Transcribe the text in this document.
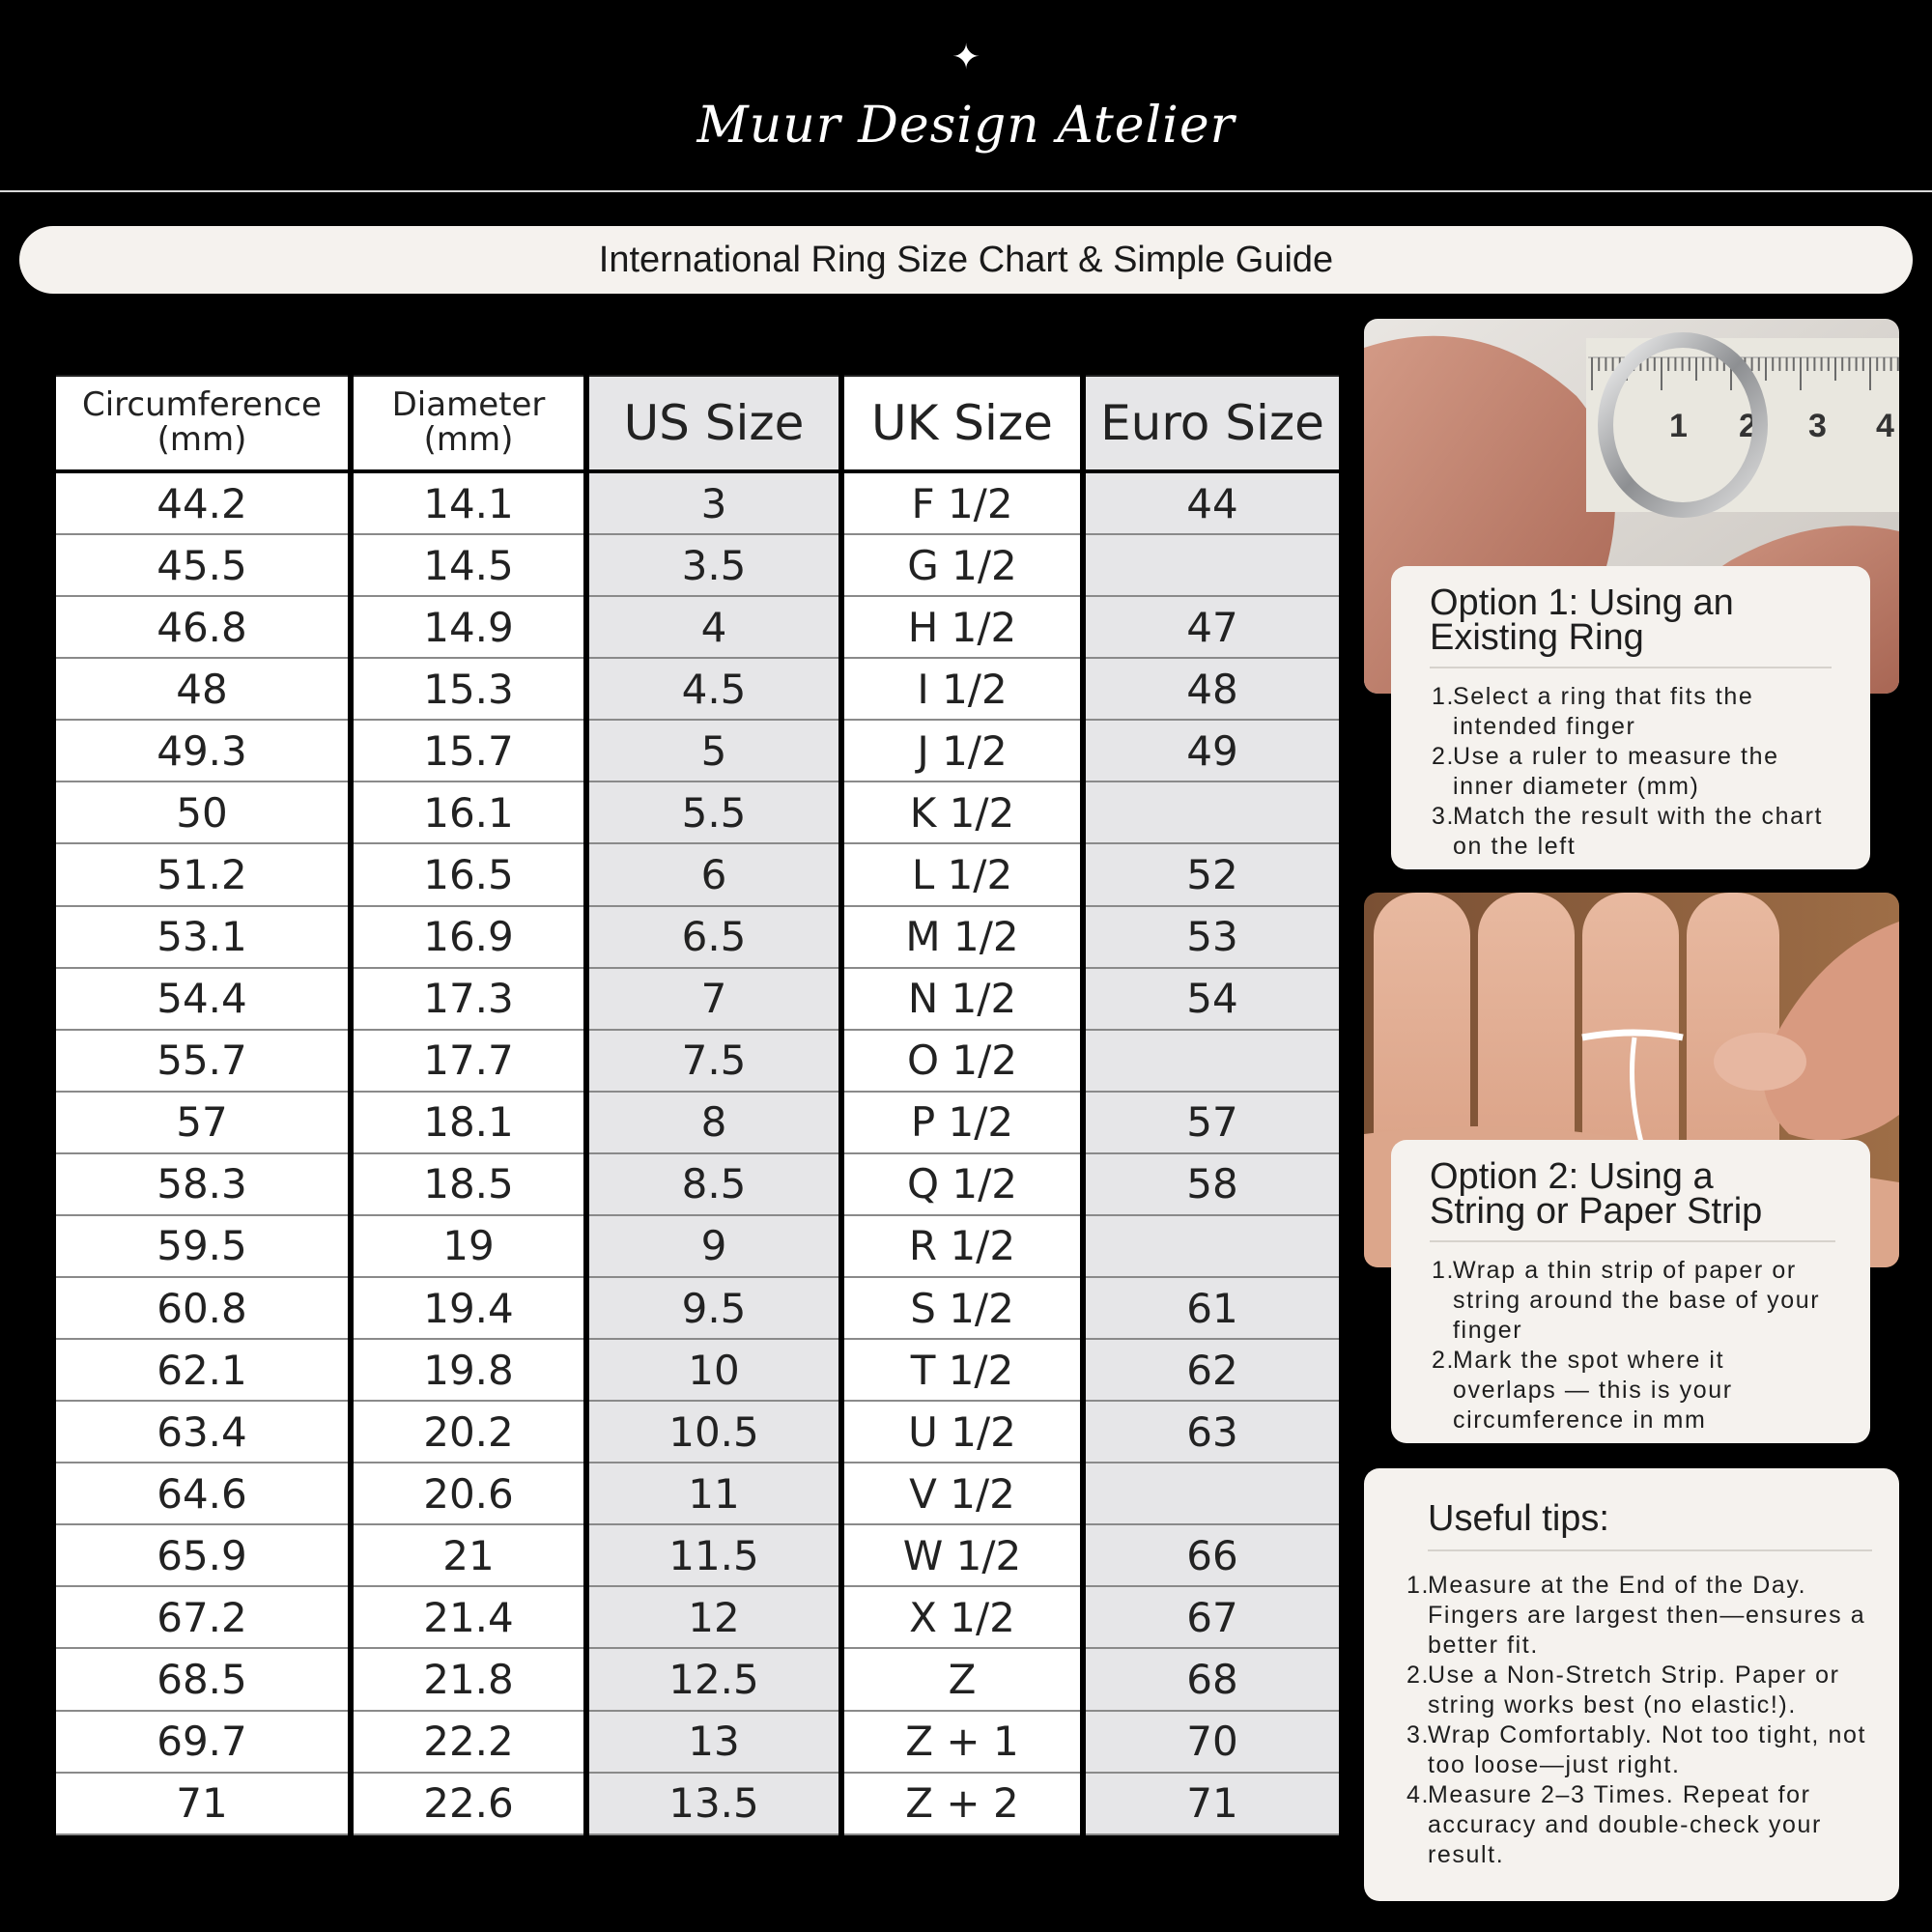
✦
Muur Design Atelier
International Ring Size Chart & Simple Guide
Circumference
(mm)	Diameter
(mm)	US Size	UK Size	Euro Size
44.2	14.1	3	F 1/2	44
45.5	14.5	3.5	G 1/2	
46.8	14.9	4	H 1/2	47
48	15.3	4.5	I 1/2	48
49.3	15.7	5	J 1/2	49
50	16.1	5.5	K 1/2	
51.2	16.5	6	L 1/2	52
53.1	16.9	6.5	M 1/2	53
54.4	17.3	7	N 1/2	54
55.7	17.7	7.5	O 1/2	
57	18.1	8	P 1/2	57
58.3	18.5	8.5	Q 1/2	58
59.5	19	9	R 1/2	
60.8	19.4	9.5	S 1/2	61
62.1	19.8	10	T 1/2	62
63.4	20.2	10.5	U 1/2	63
64.6	20.6	11	V 1/2	
65.9	21	11.5	W 1/2	66
67.2	21.4	12	X 1/2	67
68.5	21.8	12.5	Z	68
69.7	22.2	13	Z + 1	70
71	22.6	13.5	Z + 2	71
1 2 3 4
Option 1: Using an
Existing Ring
1.Select a ring that fits the intended finger
2.Use a ruler to measure the inner diameter (mm)
3.Match the result with the chart on the left
Option 2: Using a
String or Paper Strip
1.Wrap a thin strip of paper or string around the base of your finger
2.Mark the spot where it overlaps — this is your circumference in mm
Useful tips:
1.Measure at the End of the Day. Fingers are largest then—ensures a better fit.
2.Use a Non-Stretch Strip. Paper or string works best (no elastic!).
3.Wrap Comfortably. Not too tight, not too loose—just right.
4.Measure 2–3 Times. Repeat for accuracy and double-check your result.
